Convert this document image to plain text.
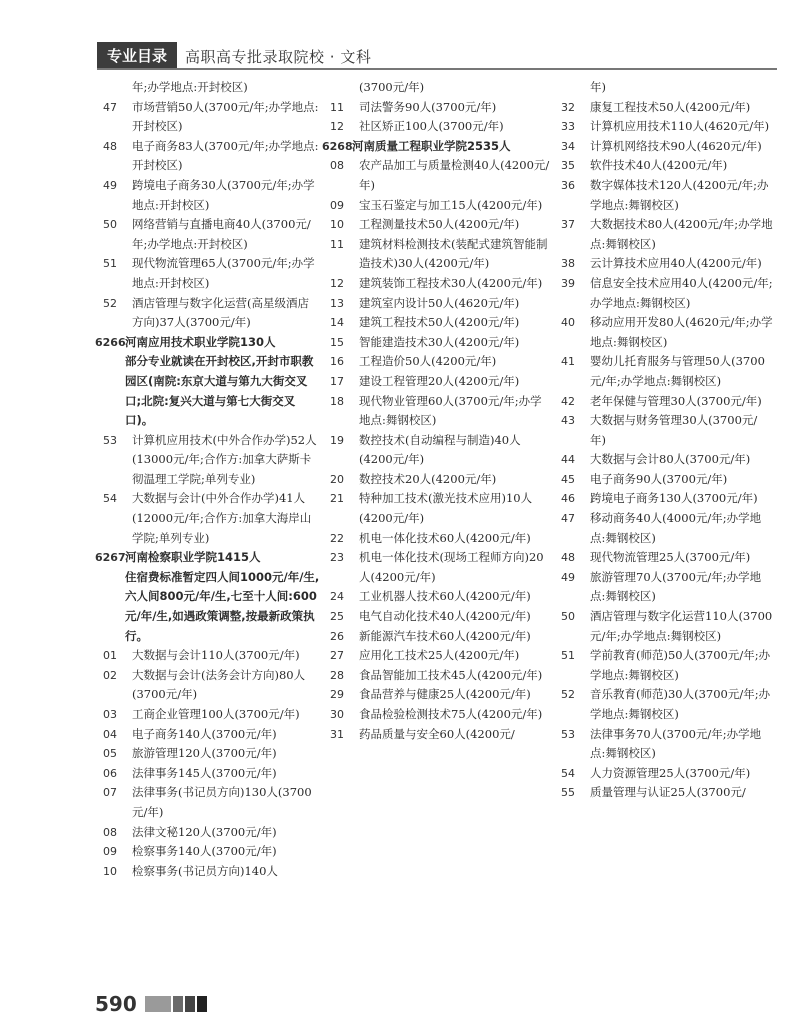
专业目录	高职高专批录取院校 · 文科
年;办学地点:开封校区)
47 市场营销50人(3700元/年;办学地点:开封校区)
48 电子商务83人(3700元/年;办学地点:开封校区)
49 跨境电子商务30人(3700元/年;办学地点:开封校区)
50 网络营销与直播电商40人(3700元/年;办学地点:开封校区)
51 现代物流管理65人(3700元/年;办学地点:开封校区)
52 酒店管理与数字化运营(高星级酒店方向)37人(3700元/年)
6266 河南应用技术职业学院130人
部分专业就读在开封校区,开封市职教园区(南院:东京大道与第九大街交叉口;北院:复兴大道与第七大街交叉口)。
53 计算机应用技术(中外合作办学)52人(13000元/年;合作方:加拿大萨斯卡彻温理工学院;单列专业)
54 大数据与会计(中外合作办学)41人(12000元/年;合作方:加拿大海岸山学院;单列专业)
6267 河南检察职业学院1415人
住宿费标准暂定四人间1000元/年/生,六人间800元/年/生,七至十人间:600元/年/生,如遇政策调整,按最新政策执行。
01 大数据与会计110人(3700元/年)
02 大数据与会计(法务会计方向)80人(3700元/年)
03 工商企业管理100人(3700元/年)
04 电子商务140人(3700元/年)
05 旅游管理120人(3700元/年)
06 法律事务145人(3700元/年)
07 法律事务(书记员方向)130人(3700元/年)
08 法律文秘120人(3700元/年)
09 检察事务140人(3700元/年)
10 检察事务(书记员方向)140人
(3700元/年)
11 司法警务90人(3700元/年)
12 社区矫正100人(3700元/年)
6268 河南质量工程职业学院2535人
08 农产品加工与质量检测40人(4200元/年)
09 宝玉石鉴定与加工15人(4200元/年)
10 工程测量技术50人(4200元/年)
11 建筑材料检测技术(装配式建筑智能制造技术)30人(4200元/年)
12 建筑装饰工程技术30人(4200元/年)
13 建筑室内设计50人(4620元/年)
14 建筑工程技术50人(4200元/年)
15 智能建造技术30人(4200元/年)
16 工程造价50人(4200元/年)
17 建设工程管理20人(4200元/年)
18 现代物业管理60人(3700元/年;办学地点:舞钢校区)
19 数控技术(自动编程与制造)40人(4200元/年)
20 数控技术20人(4200元/年)
21 特种加工技术(激光技术应用)10人(4200元/年)
22 机电一体化技术60人(4200元/年)
23 机电一体化技术(现场工程师方向)20人(4200元/年)
24 工业机器人技术60人(4200元/年)
25 电气自动化技术40人(4200元/年)
26 新能源汽车技术60人(4200元/年)
27 应用化工技术25人(4200元/年)
28 食品智能加工技术45人(4200元/年)
29 食品营养与健康25人(4200元/年)
30 食品检验检测技术75人(4200元/年)
31 药品质量与安全60人(4200元/
年)
32 康复工程技术50人(4200元/年)
33 计算机应用技术110人(4620元/年)
34 计算机网络技术90人(4620元/年)
35 软件技术40人(4200元/年)
36 数字媒体技术120人(4200元/年;办学地点:舞钢校区)
37 大数据技术80人(4200元/年;办学地点:舞钢校区)
38 云计算技术应用40人(4200元/年)
39 信息安全技术应用40人(4200元/年;办学地点:舞钢校区)
40 移动应用开发80人(4620元/年;办学地点:舞钢校区)
41 婴幼儿托育服务与管理50人(3700元/年;办学地点:舞钢校区)
42 老年保健与管理30人(3700元/年)
43 大数据与财务管理30人(3700元/年)
44 大数据与会计80人(3700元/年)
45 电子商务90人(3700元/年)
46 跨境电子商务130人(3700元/年)
47 移动商务40人(4000元/年;办学地点:舞钢校区)
48 现代物流管理25人(3700元/年)
49 旅游管理70人(3700元/年;办学地点:舞钢校区)
50 酒店管理与数字化运营110人(3700元/年;办学地点:舞钢校区)
51 学前教育(师范)50人(3700元/年;办学地点:舞钢校区)
52 音乐教育(师范)30人(3700元/年;办学地点:舞钢校区)
53 法律事务70人(3700元/年;办学地点:舞钢校区)
54 人力资源管理25人(3700元/年)
55 质量管理与认证25人(3700元/
590
